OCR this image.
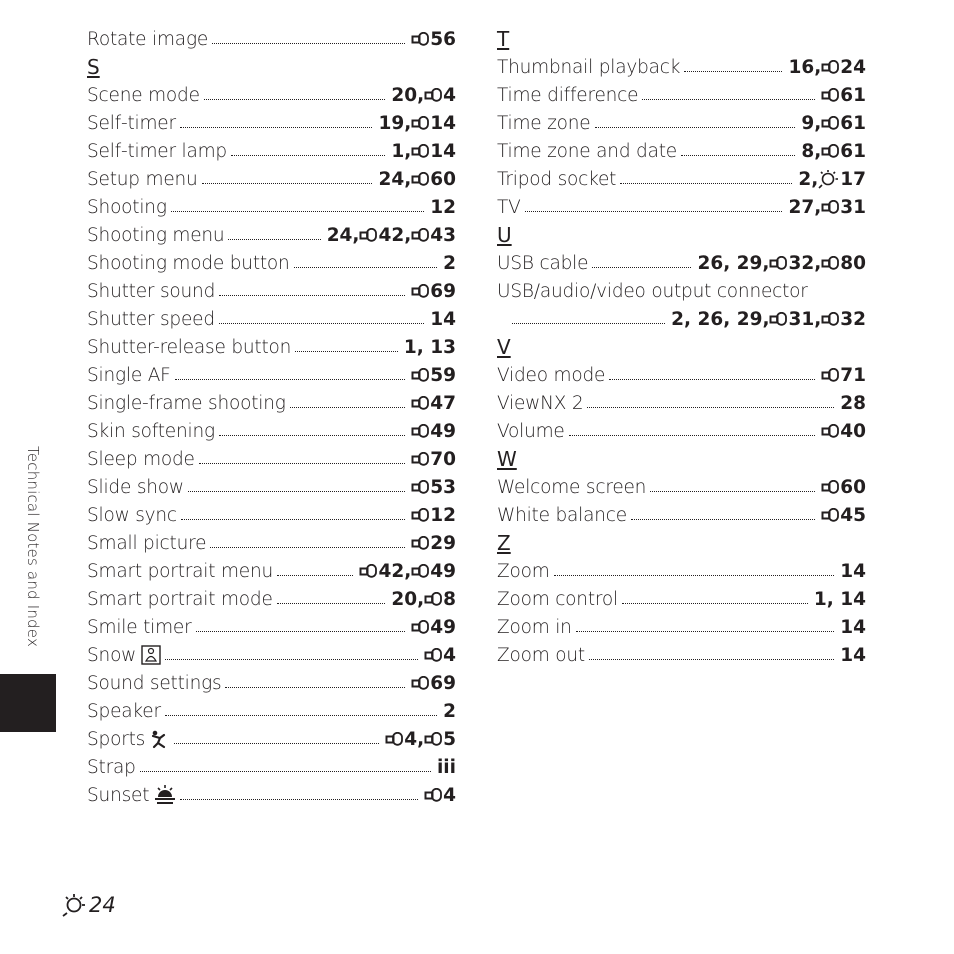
Rotate image	56
S
Scene mode	20, 4
Self-timer	19, 14
Self-timer lamp	1, 14
Setup menu	24, 60
Shooting	12
Shooting menu	24, 42, 43
Shooting mode button	2
Shutter sound	69
Shutter speed	14
Shutter-release button	1, 13
Single AF	59
Single-frame shooting	47
Skin softening	49
Sleep mode	70
Slide show	53
Slow sync	12
Small picture	29
Smart portrait menu	42, 49
Smart portrait mode	20, 8
Smile timer	49
Snow	4
Sound settings	69
Speaker	2
Sports	4, 5
Strap	iii
Sunset	4
T
Thumbnail playback	16, 24
Time difference	61
Time zone	9, 61
Time zone and date	8, 61
Tripod socket	2, 17
TV	27, 31
U
USB cable	26, 29, 32, 80
USB/audio/video output connector
2, 26, 29, 31, 32
V
Video mode	71
ViewNX 2	28
Volume	40
W
Welcome screen	60
White balance	45
Z
Zoom	14
Zoom control	1, 14
Zoom in	14
Zoom out	14
Technical Notes and Index
24
